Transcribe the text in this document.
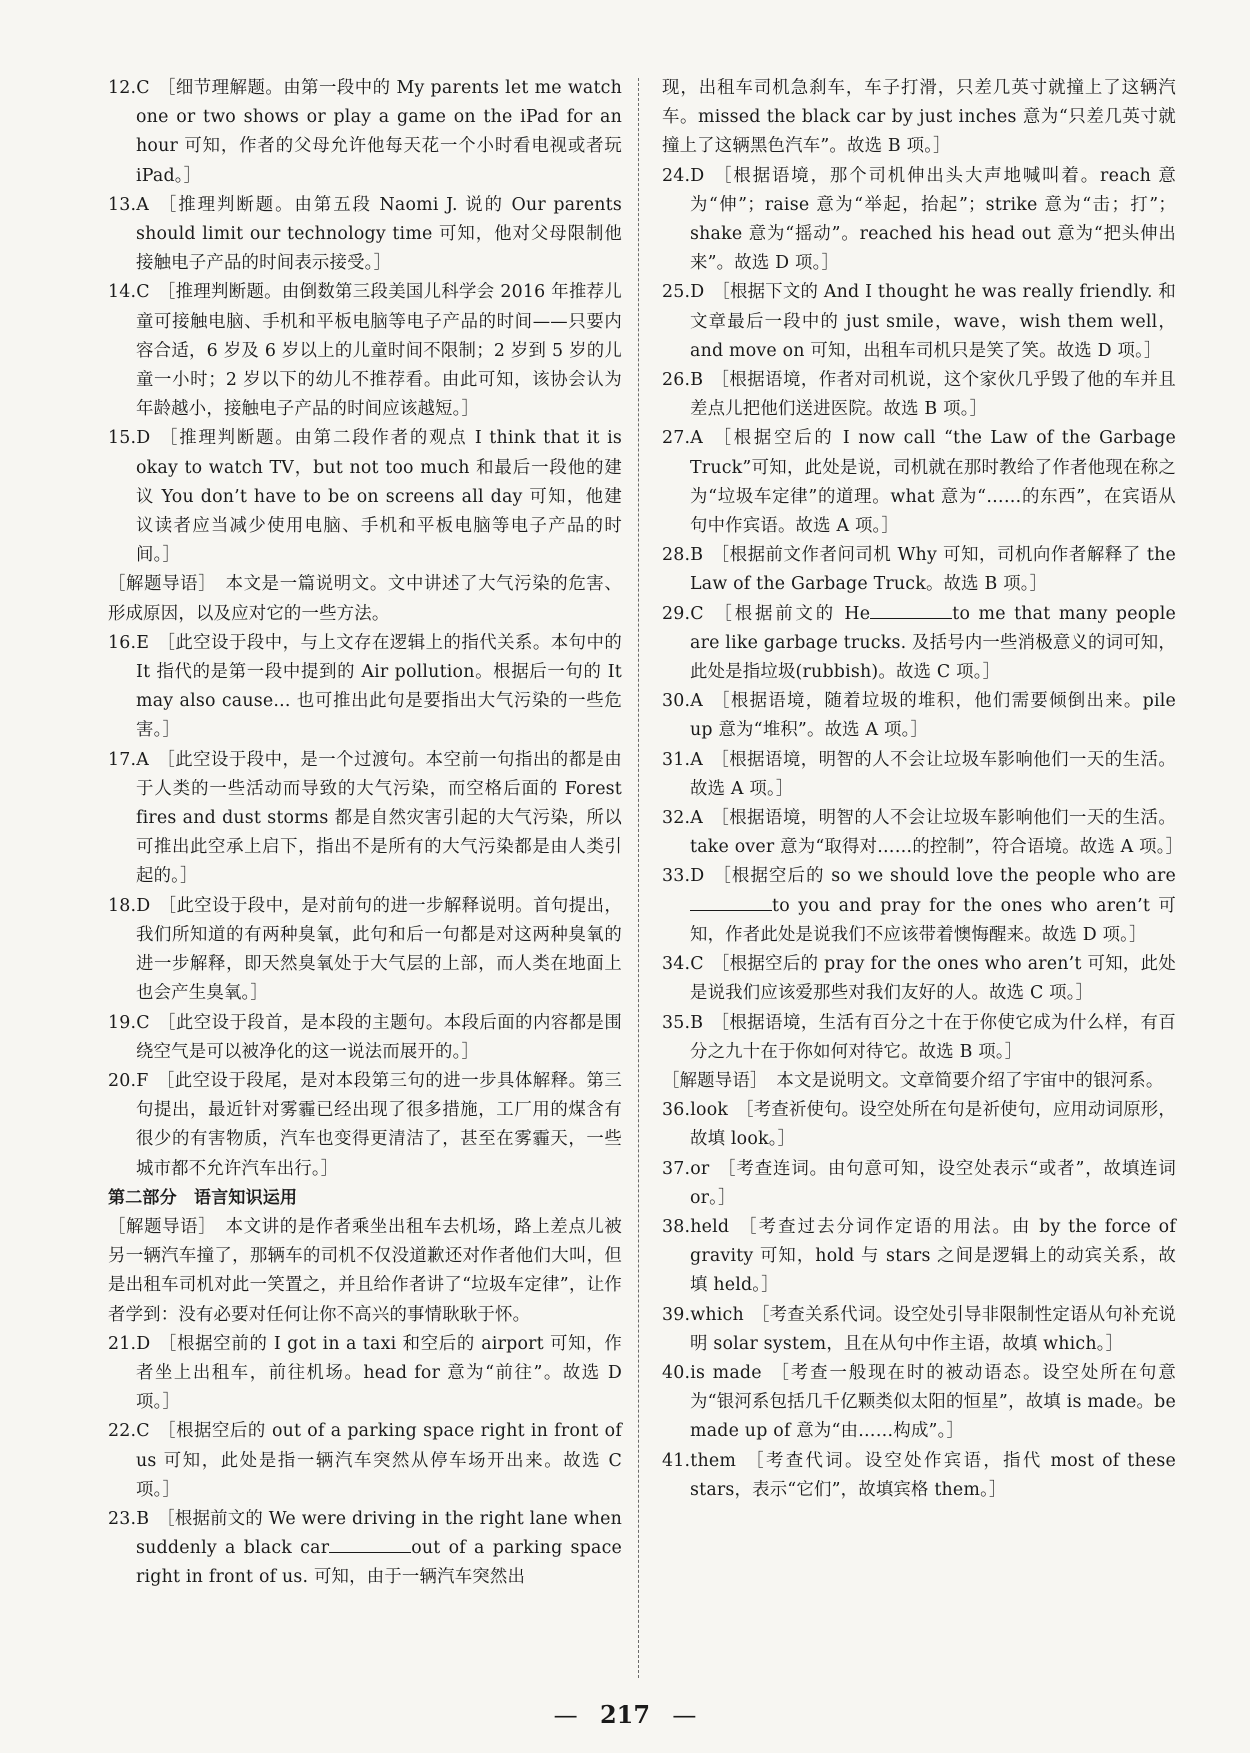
12.C ［细节理解题。由第一段中的 My parents let me watch one or two shows or play a game on the iPad for an hour 可知，作者的父母允许他每天花一个小时看电视或者玩 iPad。］

13.A ［推理判断题。由第五段 Naomi J. 说的 Our parents should limit our technology time 可知，他对父母限制他接触电子产品的时间表示接受。］

14.C ［推理判断题。由倒数第三段美国儿科学会 2016 年推荐儿童可接触电脑、手机和平板电脑等电子产品的时间——只要内容合适，6 岁及 6 岁以上的儿童时间不限制；2 岁到 5 岁的儿童一小时；2 岁以下的幼儿不推荐看。由此可知，该协会认为年龄越小，接触电子产品的时间应该越短。］

15.D ［推理判断题。由第二段作者的观点 I think that it is okay to watch TV，but not too much 和最后一段他的建议 You don’t have to be on screens all day 可知，他建议读者应当减少使用电脑、手机和平板电脑等电子产品的时间。］

［解题导语］　本文是一篇说明文。文中讲述了大气污染的危害、形成原因，以及应对它的一些方法。

16.E ［此空设于段中，与上文存在逻辑上的指代关系。本句中的 It 指代的是第一段中提到的 Air pollution。根据后一句的 It may also cause... 也可推出此句是要指出大气污染的一些危害。］

17.A ［此空设于段中，是一个过渡句。本空前一句指出的都是由于人类的一些活动而导致的大气污染，而空格后面的 Forest fires and dust storms 都是自然灾害引起的大气污染，所以可推出此空承上启下，指出不是所有的大气污染都是由人类引起的。］

18.D ［此空设于段中，是对前句的进一步解释说明。首句提出，我们所知道的有两种臭氧，此句和后一句都是对这两种臭氧的进一步解释，即天然臭氧处于大气层的上部，而人类在地面上也会产生臭氧。］

19.C ［此空设于段首，是本段的主题句。本段后面的内容都是围绕空气是可以被净化的这一说法而展开的。］

20.F ［此空设于段尾，是对本段第三句的进一步具体解释。第三句提出，最近针对雾霾已经出现了很多措施，工厂用的煤含有很少的有害物质，汽车也变得更清洁了，甚至在雾霾天，一些城市都不允许汽车出行。］

第二部分　语言知识运用

［解题导语］　本文讲的是作者乘坐出租车去机场，路上差点儿被另一辆汽车撞了，那辆车的司机不仅没道歉还对作者他们大叫，但是出租车司机对此一笑置之，并且给作者讲了“垃圾车定律”，让作者学到：没有必要对任何让你不高兴的事情耿耿于怀。

21.D ［根据空前的 I got in a taxi 和空后的 airport 可知，作者坐上出租车，前往机场。head for 意为“前往”。故选 D 项。］

22.C ［根据空后的 out of a parking space right in front of us 可知，此处是指一辆汽车突然从停车场开出来。故选 C 项。］

23.B ［根据前文的 We were driving in the right lane when suddenly a black car	out of a parking space right in front of us. 可知，由于一辆汽车突然出

现，出租车司机急刹车，车子打滑，只差几英寸就撞上了这辆汽车。missed the black car by just inches 意为“只差几英寸就撞上了这辆黑色汽车”。故选 B 项。］

24.D ［根据语境，那个司机伸出头大声地喊叫着。reach 意为“伸”；raise 意为“举起，抬起”；strike 意为“击；打”；shake 意为“摇动”。reached his head out 意为“把头伸出来”。故选 D 项。］

25.D ［根据下文的 And I thought he was really friendly. 和文章最后一段中的 just smile，wave，wish them well，and move on 可知，出租车司机只是笑了笑。故选 D 项。］

26.B ［根据语境，作者对司机说，这个家伙几乎毁了他的车并且差点儿把他们送进医院。故选 B 项。］

27.A ［根据空后的 I now call “the Law of the Garbage Truck”可知，此处是说，司机就在那时教给了作者他现在称之为“垃圾车定律”的道理。what 意为“……的东西”，在宾语从句中作宾语。故选 A 项。］

28.B ［根据前文作者问司机 Why 可知，司机向作者解释了 the Law of the Garbage Truck。故选 B 项。］

29.C ［根据前文的 He	to me that many people are like garbage trucks. 及括号内一些消极意义的词可知，此处是指垃圾(rubbish)。故选 C 项。］

30.A ［根据语境，随着垃圾的堆积，他们需要倾倒出来。pile up 意为“堆积”。故选 A 项。］

31.A ［根据语境，明智的人不会让垃圾车影响他们一天的生活。故选 A 项。］

32.A ［根据语境，明智的人不会让垃圾车影响他们一天的生活。take over 意为“取得对……的控制”，符合语境。故选 A 项。］

33.D ［根据空后的 so we should love the people who areto you and pray for the ones who aren’t 可知，作者此处是说我们不应该带着懊悔醒来。故选 D 项。］

34.C ［根据空后的 pray for the ones who aren’t 可知，此处是说我们应该爱那些对我们友好的人。故选 C 项。］

35.B ［根据语境，生活有百分之十在于你使它成为什么样，有百分之九十在于你如何对待它。故选 B 项。］

［解题导语］　本文是说明文。文章简要介绍了宇宙中的银河系。

36.look ［考查祈使句。设空处所在句是祈使句，应用动词原形，故填 look。］

37.or ［考查连词。由句意可知，设空处表示“或者”，故填连词 or。］

38.held ［考查过去分词作定语的用法。由 by the force of gravity 可知，hold 与 stars 之间是逻辑上的动宾关系，故填 held。］

39.which ［考查关系代词。设空处引导非限制性定语从句补充说明 solar system，且在从句中作主语，故填 which。］

40.is made ［考查一般现在时的被动语态。设空处所在句意为“银河系包括几千亿颗类似太阳的恒星”，故填 is made。be made up of 意为“由……构成”。］

41.them ［考查代词。设空处作宾语，指代 most of these stars，表示“它们”，故填宾格 them。］

— 217 —
